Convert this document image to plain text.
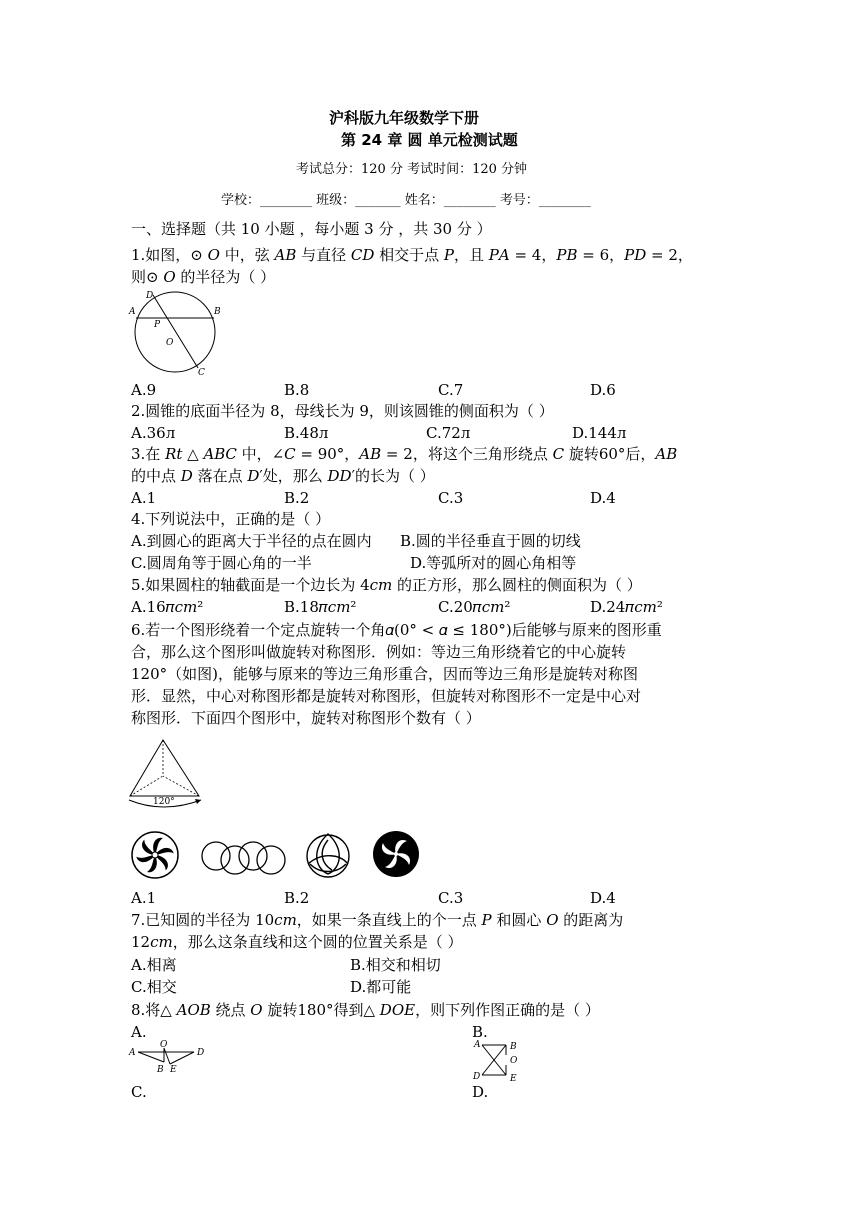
沪科版九年级数学下册
第 24 章 圆 单元检测试题
考试总分：120 分 考试时间：120 分钟
学校：________ 班级：_______ 姓名：________ 考号：________
一、选择题（共 10 小题 ，每小题 3 分 ，共 30 分 ）
1.如图，⊙ 𝑂 中，弦 𝐴𝐵 与直径 𝐶𝐷 相交于点 𝑃，且 𝑃𝐴 = 4，𝑃𝐵 = 6，𝑃𝐷 = 2，
则⊙ 𝑂 的半径为（ ）
D
A
P
B
O
C
A.9	B.8	C.7	D.6
2.圆锥的底面半径为 8，母线长为 9，则该圆锥的侧面积为（ ）
A.36л	B.48л	C.72л	D.144л
3.在 𝑅𝑡 △ 𝐴𝐵𝐶 中，∠𝐶 = 90°，𝐴𝐵 = 2，将这个三角形绕点 𝐶 旋转60°后，𝐴𝐵
的中点 𝐷 落在点 𝐷′处，那么 𝐷𝐷′的长为（ ）
A.1	B.2	C.3	D.4
4.下列说法中，正确的是（ ）
A.到圆心的距离大于半径的点在圆内 B.圆的半径垂直于圆的切线
C.圆周角等于圆心角的一半	D.等弧所对的圆心角相等
5.如果圆柱的轴截面是一个边长为 4𝑐𝑚 的正方形，那么圆柱的侧面积为（ ）
A.16𝜋𝑐𝑚²	B.18𝜋𝑐𝑚²	C.20𝜋𝑐𝑚²	D.24𝜋𝑐𝑚²
6.若一个图形绕着一个定点旋转一个角𝛼(0° < 𝛼 ≤ 180°)后能够与原来的图形重
合，那么这个图形叫做旋转对称图形．例如：等边三角形绕着它的中心旋转
120°（如图)，能够与原来的等边三角形重合，因而等边三角形是旋转对称图
形．显然，中心对称图形都是旋转对称图形，但旋转对称图形不一定是中心对
称图形．下面四个图形中，旋转对称图形个数有（ ）
120°
A.1	B.2	C.3	D.4
7.已知圆的半径为 10𝑐𝑚，如果一条直线上的个一点 𝑃 和圆心 𝑂 的距离为
12𝑐𝑚，那么这条直线和这个圆的位置关系是（ ）
A.相离	B.相交和相切
C.相交	D.都可能
8.将△ 𝐴𝑂𝐵 绕点 𝑂 旋转180°得到△ 𝐷𝑂𝐸，则下列作图正确的是（ ）
A.	B.
O
A	D
B E
A	B
O
D	E
C.	D.
